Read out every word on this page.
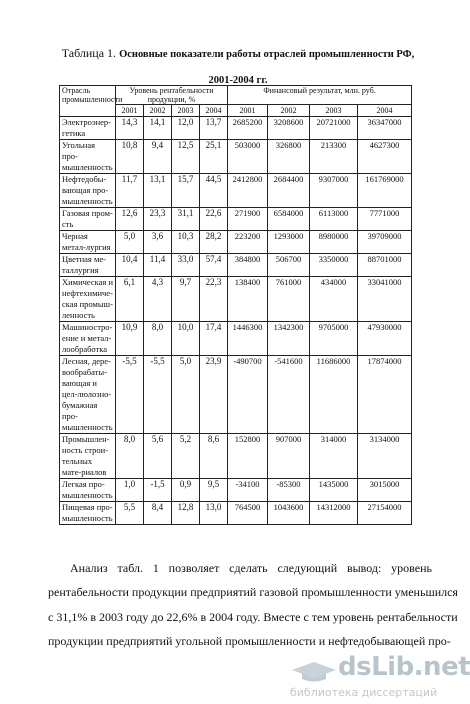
Таблица 1. Основные показатели работы отраслей промышленности РФ,
2001-2004 гг.
Отрасль промышленности	Уровень рентабельности продукции, %				Финансовый результат, млн. руб.			
	2001	2002	2003	2004	2001	2002	2003	2004
Электроэнер-гетика	14,3	14,1	12,0	13,7	2685200	3208600	20721000	36347000
Угольная про-мышленность	10,8	9,4	12,5	25,1	503000	326800	213300	4627300
Нефтедобы-вающая про-мышленность	11,7	13,1	15,7	44,5	2412800	2684400	9307000	161769000
Газовая пром-сть	12,6	23,3	31,1	22,6	271900	6584000	6113000	7771000
Черная метал-лургия	5,0	3,6	10,3	28,2	223200	1293000	8980000	39709000
Цветная ме-таллургия	10,4	11,4	33,0	57,4	384800	506700	3350000	88701000
Химическая и нефтехимиче-ская промыш-ленность	6,1	4,3	9,7	22,3	138400	761000	434000	33041000
Машиностро-ение и метал-лообработка	10,9	8,0	10,0	17,4	1446300	1342300	9705000	47930000
Лесная, дере-вообрабаты-вающая и цел-люлозно-бумажная про-мышленность	-5,5	-5,5	5,0	23,9	-490700	-541600	11686000	17874000
Промышлен-ность строи-тельных мате-риалов	8,0	5,6	5,2	8,6	152800	907000	314000	3134000
Легкая про-мышленность	1,0	-1,5	0,9	9,5	-34100	-85300	1435000	3015000
Пищевая про-мышленность	5,5	8,4	12,8	13,0	764500	1043600	14312000	27154000
Анализ табл. 1 позволяет сделать следующий вывод: уровень
рентабельности продукции предприятий газовой промышленности уменьшился
с 31,1% в 2003 году до 22,6% в 2004 году. Вместе с тем уровень рентабельности
продукции предприятий угольной промышленности и нефтедобывающей про-
dsLib.net
библиотека диссертаций
